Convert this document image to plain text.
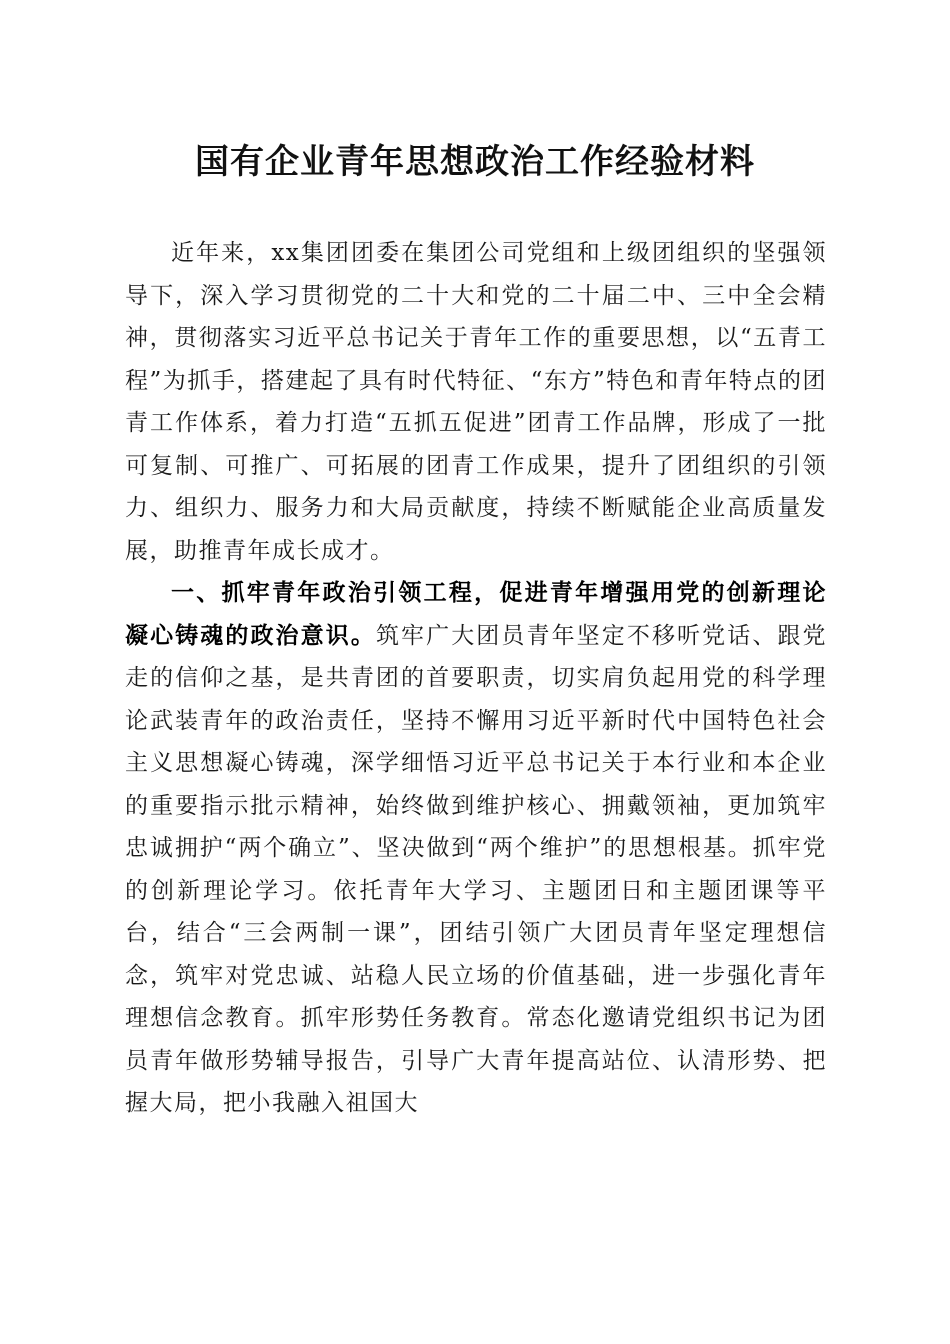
国有企业青年思想政治工作经验材料

近年来，xx集团团委在集团公司党组和上级团组织的坚强领导下，深入学习贯彻党的二十大和党的二十届二中、三中全会精神，贯彻落实习近平总书记关于青年工作的重要思想，以“五青工程”为抓手，搭建起了具有时代特征、“东方”特色和青年特点的团青工作体系，着力打造“五抓五促进”团青工作品牌，形成了一批可复制、可推广、可拓展的团青工作成果，提升了团组织的引领力、组织力、服务力和大局贡献度，持续不断赋能企业高质量发展，助推青年成长成才。

一、抓牢青年政治引领工程，促进青年增强用党的创新理论凝心铸魂的政治意识。筑牢广大团员青年坚定不移听党话、跟党走的信仰之基，是共青团的首要职责，切实肩负起用党的科学理论武装青年的政治责任，坚持不懈用习近平新时代中国特色社会主义思想凝心铸魂，深学细悟习近平总书记关于本行业和本企业的重要指示批示精神，始终做到维护核心、拥戴领袖，更加筑牢忠诚拥护“两个确立”、坚决做到“两个维护”的思想根基。抓牢党的创新理论学习。依托青年大学习、主题团日和主题团课等平台，结合“三会两制一课”，团结引领广大团员青年坚定理想信念，筑牢对党忠诚、站稳人民立场的价值基础，进一步强化青年理想信念教育。抓牢形势任务教育。常态化邀请党组织书记为团员青年做形势辅导报告，引导广大青年提高站位、认清形势、把握大局，把小我融入祖国大
